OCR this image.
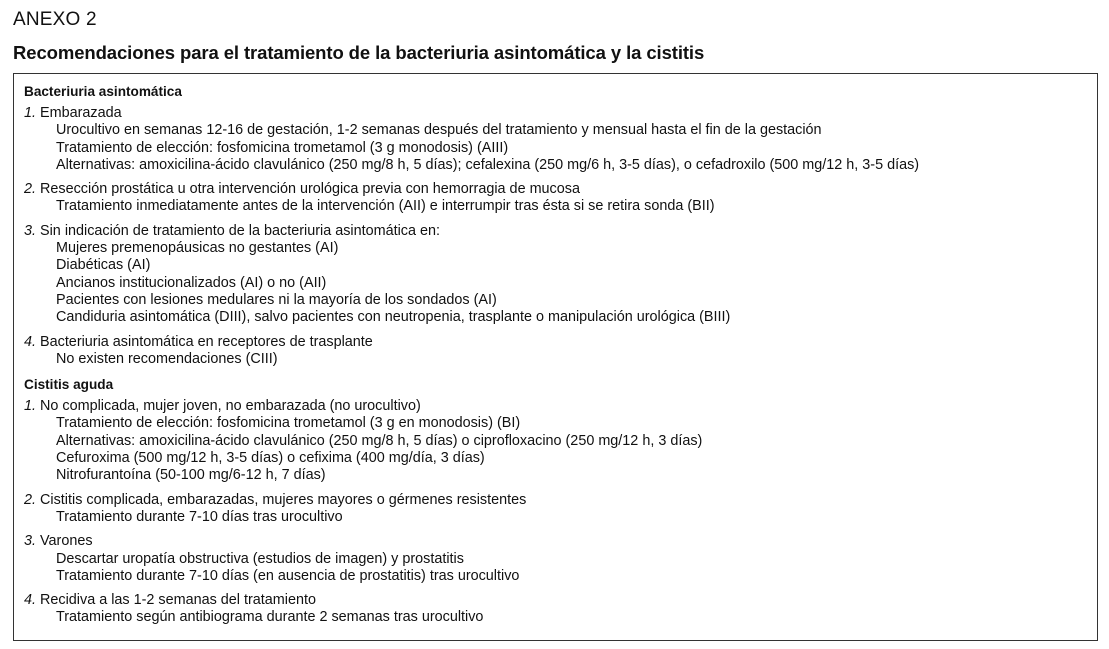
ANEXO 2
Recomendaciones para el tratamiento de la bacteriuria asintomática y la cistitis
Bacteriuria asintomática
1. Embarazada
Urocultivo en semanas 12-16 de gestación, 1-2 semanas después del tratamiento y mensual hasta el fin de la gestación
Tratamiento de elección: fosfomicina trometamol (3 g monodosis) (AIII)
Alternativas: amoxicilina-ácido clavulánico (250 mg/8 h, 5 días); cefalexina (250 mg/6 h, 3-5 días), o cefadroxilo (500 mg/12 h, 3-5 días)
2. Resección prostática u otra intervención urológica previa con hemorragia de mucosa
Tratamiento inmediatamente antes de la intervención (AII) e interrumpir tras ésta si se retira sonda (BII)
3. Sin indicación de tratamiento de la bacteriuria asintomática en:
Mujeres premenopáusicas no gestantes (AI)
Diabéticas (AI)
Ancianos institucionalizados (AI) o no (AII)
Pacientes con lesiones medulares ni la mayoría de los sondados (AI)
Candiduria asintomática (DIII), salvo pacientes con neutropenia, trasplante o manipulación urológica (BIII)
4. Bacteriuria asintomática en receptores de trasplante
No existen recomendaciones (CIII)
Cistitis aguda
1. No complicada, mujer joven, no embarazada (no urocultivo)
Tratamiento de elección: fosfomicina trometamol (3 g en monodosis) (BI)
Alternativas: amoxicilina-ácido clavulánico (250 mg/8 h, 5 días) o ciprofloxacino (250 mg/12 h, 3 días)
Cefuroxima (500 mg/12 h, 3-5 días) o cefixima (400 mg/día, 3 días)
Nitrofurantoína (50-100 mg/6-12 h, 7 días)
2. Cistitis complicada, embarazadas, mujeres mayores o gérmenes resistentes
Tratamiento durante 7-10 días tras urocultivo
3. Varones
Descartar uropatía obstructiva (estudios de imagen) y prostatitis
Tratamiento durante 7-10 días (en ausencia de prostatitis) tras urocultivo
4. Recidiva a las 1-2 semanas del tratamiento
Tratamiento según antibiograma durante 2 semanas tras urocultivo
